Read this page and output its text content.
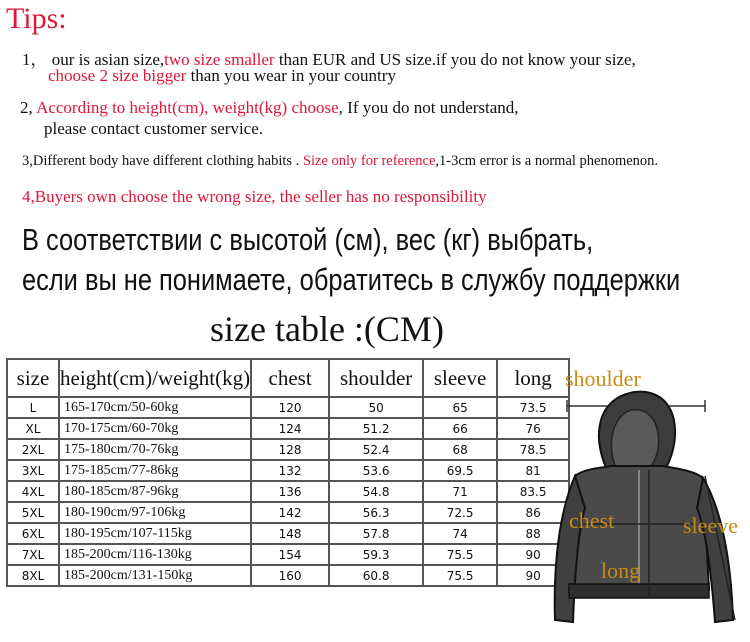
Tips:
1， our is asian size,two size smaller than EUR and US size.if you do not know your size,
choose 2 size bigger than you wear in your country
2, According to height(cm), weight(kg) choose, If you do not understand,
please contact customer service.
3,Different body have different clothing habits . Size only for reference,1-3cm error is a normal phenomenon.
4,Buyers own choose the wrong size, the seller has no responsibility
В соответствии с высотой (см), вес (кг) выбрать,
если вы не понимаете, обратитесь в службу поддержки
size table :(CM)
size	height(cm)/weight(kg)	chest	shoulder	sleeve	long
L	165-170cm/50-60kg	120	50	65	73.5
XL	170-175cm/60-70kg	124	51.2	66	76
2XL	175-180cm/70-76kg	128	52.4	68	78.5
3XL	175-185cm/77-86kg	132	53.6	69.5	81
4XL	180-185cm/87-96kg	136	54.8	71	83.5
5XL	180-190cm/97-106kg	142	56.3	72.5	86
6XL	180-195cm/107-115kg	148	57.8	74	88
7XL	185-200cm/116-130kg	154	59.3	75.5	90
8XL	185-200cm/131-150kg	160	60.8	75.5	90
shoulder
chest	sleeve
long
